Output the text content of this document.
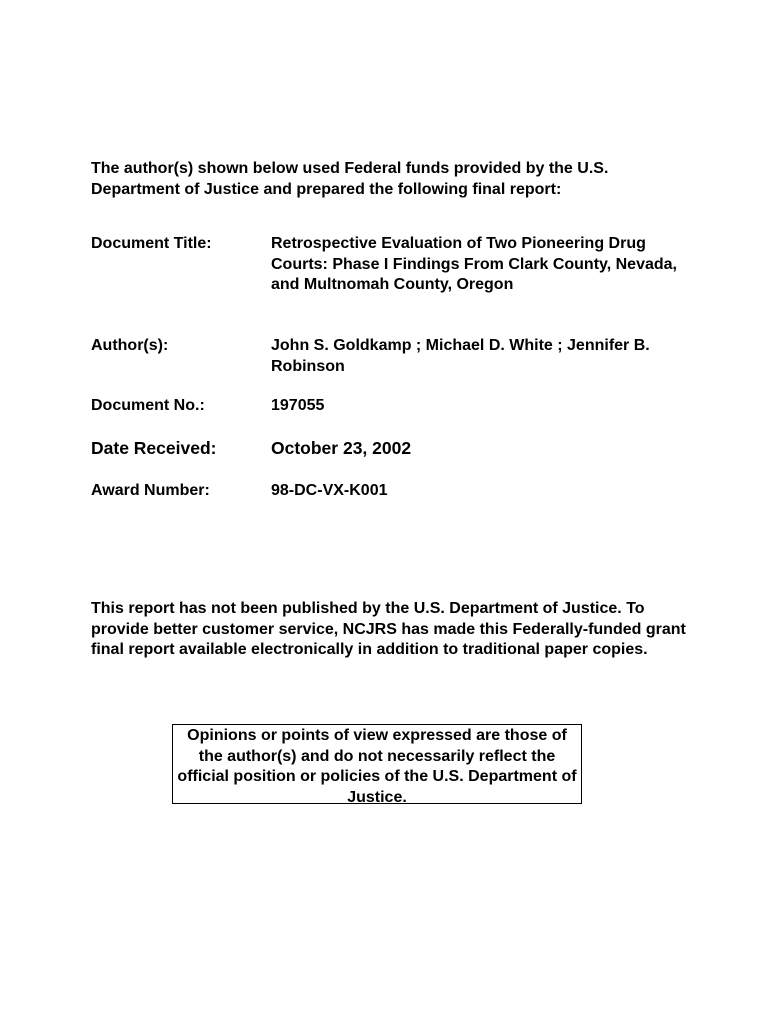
The author(s) shown below used Federal funds provided by the U.S. Department of Justice and prepared the following final report:
Document Title:	Retrospective Evaluation of Two Pioneering Drug Courts: Phase I Findings From Clark County, Nevada, and Multnomah County, Oregon
Author(s):	John S. Goldkamp ; Michael D. White ; Jennifer B. Robinson
Document No.:	197055
Date Received:	October 23, 2002
Award Number:	98-DC-VX-K001
This report has not been published by the U.S. Department of Justice. To provide better customer service, NCJRS has made this Federally-funded grant final report available electronically in addition to traditional paper copies.
Opinions or points of view expressed are those of the author(s) and do not necessarily reflect the official position or policies of the U.S. Department of Justice.
